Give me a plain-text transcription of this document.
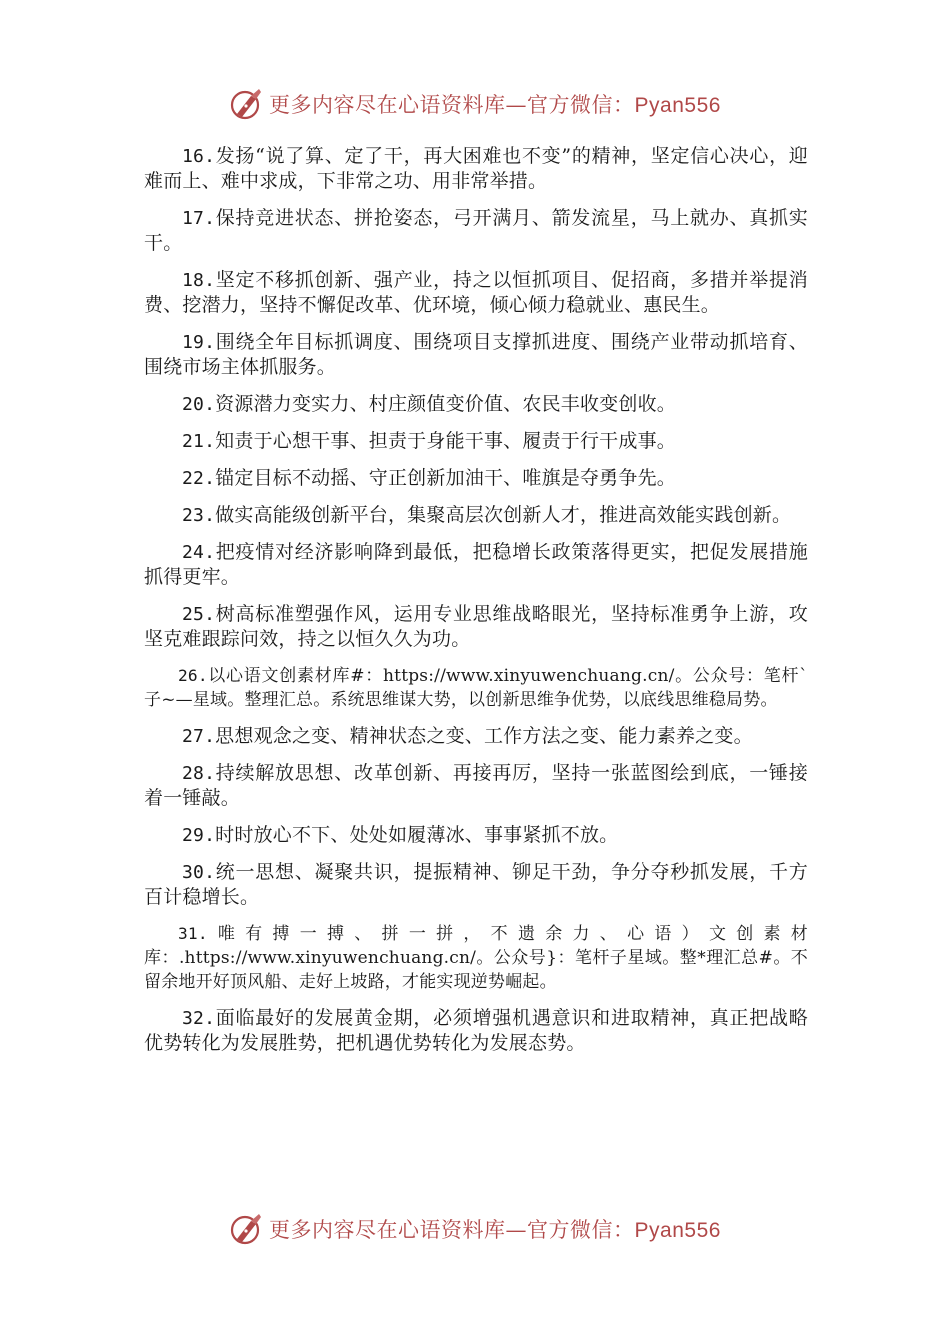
更多内容尽在心语资料库—官方微信：Pyan556

16.发扬“说了算、定了干，再大困难也不变”的精神，坚定信心决心，迎难而上、难中求成，下非常之功、用非常举措。

17.保持竞进状态、拼抢姿态，弓开满月、箭发流星，马上就办、真抓实干。

18.坚定不移抓创新、强产业，持之以恒抓项目、促招商，多措并举提消费、挖潜力，坚持不懈促改革、优环境，倾心倾力稳就业、惠民生。

19.围绕全年目标抓调度、围绕项目支撑抓进度、围绕产业带动抓培育、围绕市场主体抓服务。

20.资源潜力变实力、村庄颜值变价值、农民丰收变创收。

21.知责于心想干事、担责于身能干事、履责于行干成事。

22.锚定目标不动摇、守正创新加油干、唯旗是夺勇争先。

23.做实高能级创新平台，集聚高层次创新人才，推进高效能实践创新。

24.把疫情对经济影响降到最低，把稳增长政策落得更实，把促发展措施抓得更牢。

25.树高标准塑强作风，运用专业思维战略眼光，坚持标准勇争上游，攻坚克难跟踪问效，持之以恒久久为功。

26.以心语文创素材库#：https://www.xinyuwenchuang.cn/。公众号：笔杆`子~—星域。整理汇总。系统思维谋大势，以创新思维争优势，以底线思维稳局势。

27.思想观念之变、精神状态之变、工作方法之变、能力素养之变。

28.持续解放思想、改革创新、再接再厉，坚持一张蓝图绘到底，一锤接着一锤敲。

29.时时放心不下、处处如履薄冰、事事紧抓不放。

30.统一思想、凝聚共识，提振精神、铆足干劲，争分夺秒抓发展，千方百计稳增长。

31.唯有搏一搏、拼一拼，不遗余力、心语）文创素材库：.https://www.xinyuwenchuang.cn/。公众号}：笔杆子星域。整*理汇总#。不留余地开好顶风船、走好上坡路，才能实现逆势崛起。

32.面临最好的发展黄金期，必须增强机遇意识和进取精神，真正把战略优势转化为发展胜势，把机遇优势转化为发展态势。

更多内容尽在心语资料库—官方微信：Pyan556
